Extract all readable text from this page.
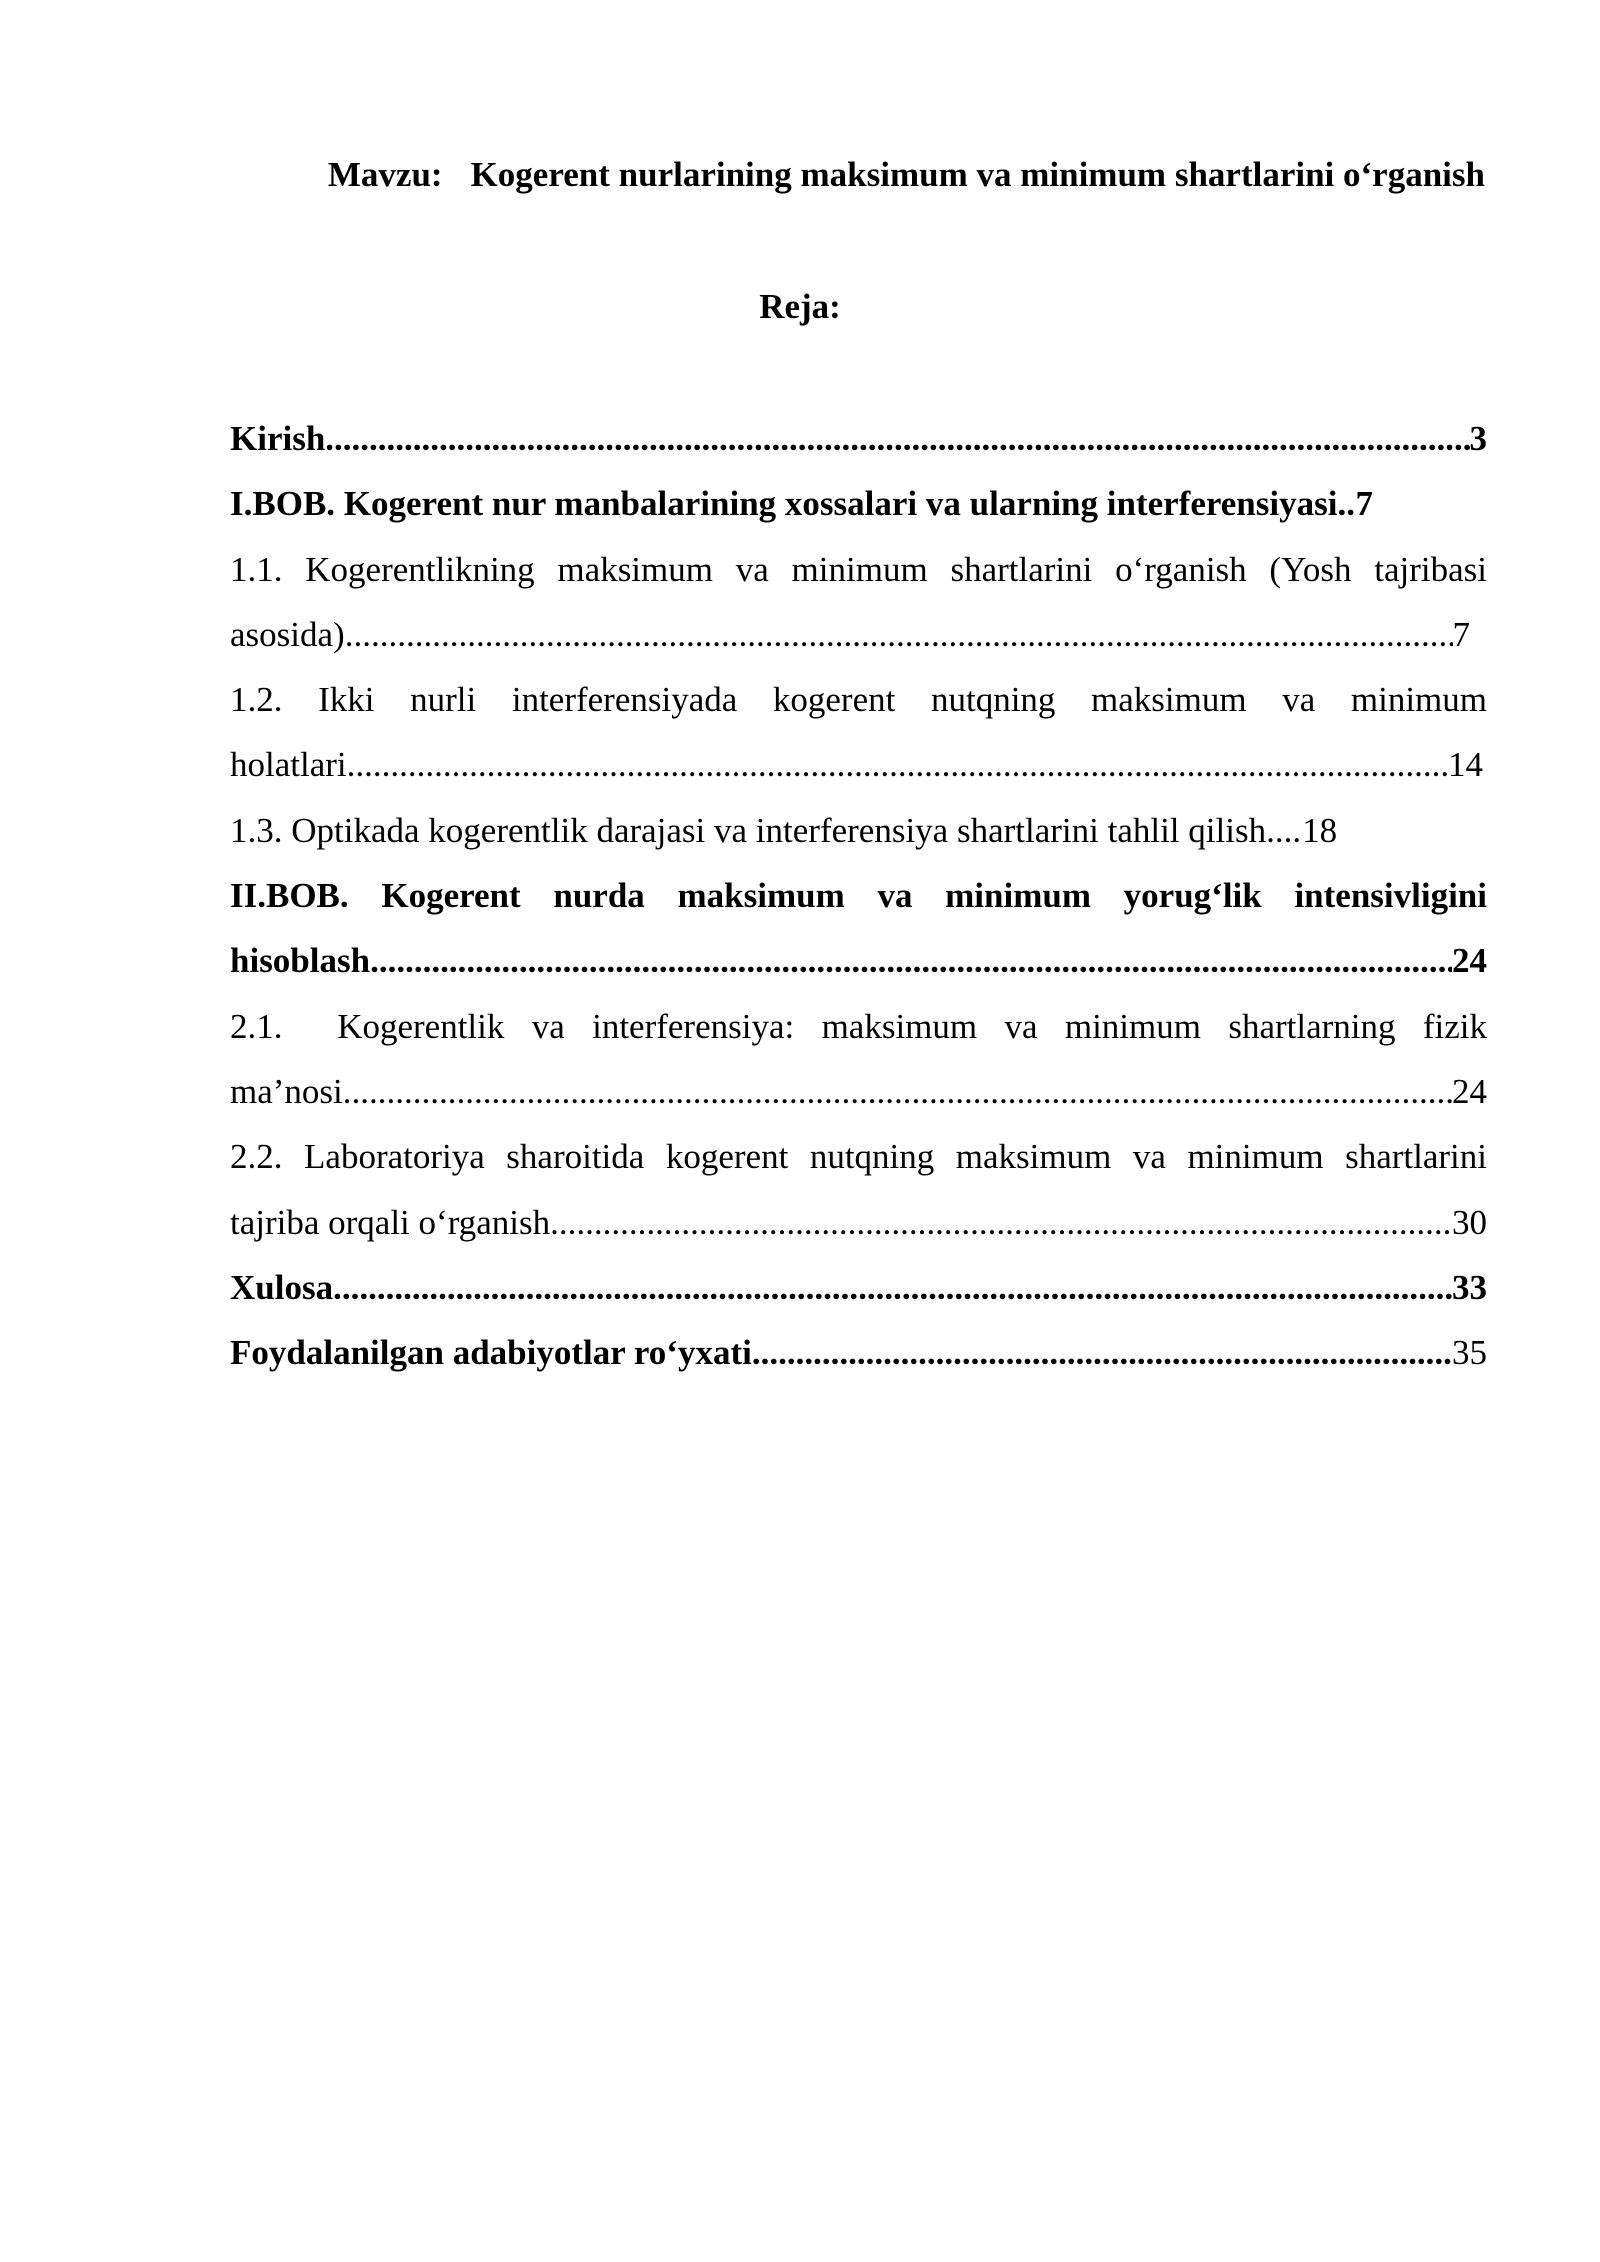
Mavzu: Kogerent nurlarining maksimum va minimum shartlarini o‘rganish
Reja:
Kirish .....	3
I.BOB. Kogerent nur manbalarining xossalari va ularning interferensiyasi ..... 7
1.1. Kogerentlikning maksimum va minimum shartlarini o‘rganish (Yosh tajribasi
asosida) .....	7
1.2. Ikki nurli interferensiyada kogerent nutqning maksimum va minimum
holatlari .....	14
1.3. Optikada kogerentlik darajasi va interferensiya shartlarini tahlil qilish ..... 18
II.BOB. Kogerent nurda maksimum va minimum yorug‘lik intensivligini
hisoblash .....	24
2.1.  Kogerentlik va interferensiya: maksimum va minimum shartlarning fizik
ma’nosi .....	24
2.2. Laboratoriya sharoitida kogerent nutqning maksimum va minimum shartlarini
tajriba orqali o‘rganish .....	30
Xulosa .....	33
Foydalanilgan adabiyotlar ro‘yxati .....	35
